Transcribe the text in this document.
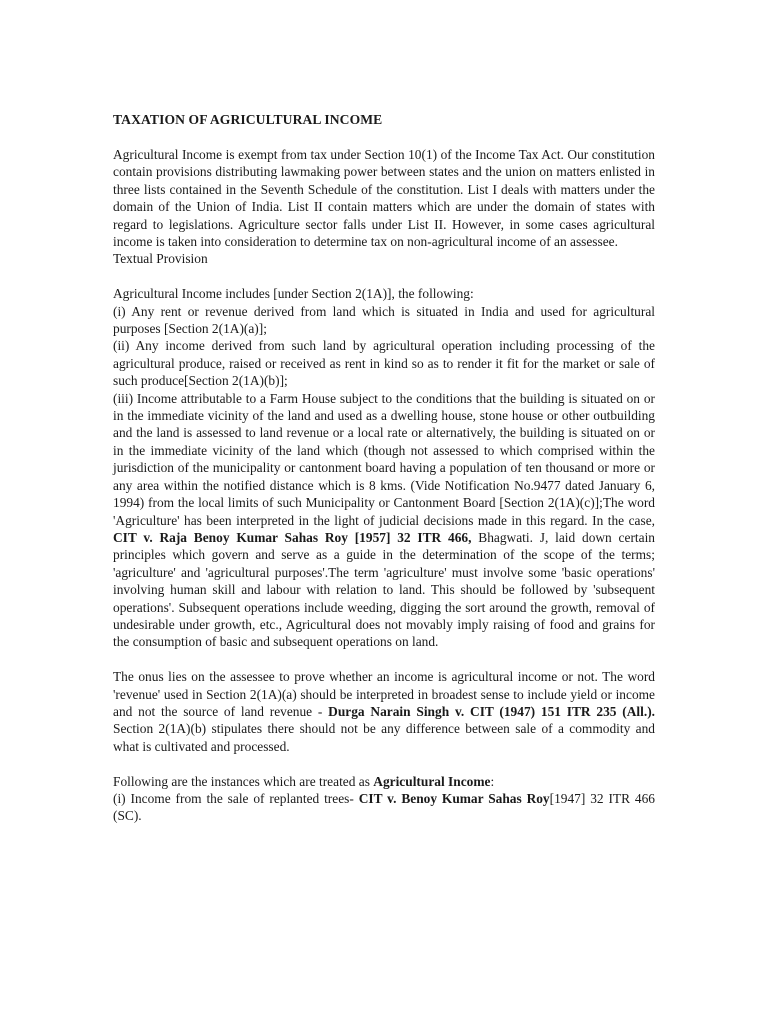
TAXATION OF AGRICULTURAL INCOME

Agricultural Income is exempt from tax under Section 10(1) of the Income Tax Act. Our constitution contain provisions distributing lawmaking power between states and the union on matters enlisted in three lists contained in the Seventh Schedule of the constitution. List I deals with matters under the domain of the Union of India. List II contain matters which are under the domain of states with regard to legislations. Agriculture sector falls under List II. However, in some cases agricultural income is taken into consideration to determine tax on non-agricultural income of an assessee.

Textual Provision

Agricultural Income includes [under Section 2(1A)], the following:

(i) Any rent or revenue derived from land which is situated in India and used for agricultural purposes [Section 2(1A)(a)];

(ii) Any income derived from such land by agricultural operation including processing of the agricultural produce, raised or received as rent in kind so as to render it fit for the market or sale of such produce[Section 2(1A)(b)];

(iii) Income attributable to a Farm House subject to the conditions that the building is situated on or in the immediate vicinity of the land and used as a dwelling house, stone house or other outbuilding and the land is assessed to land revenue or a local rate or alternatively, the building is situated on or in the immediate vicinity of the land which (though not assessed to which comprised within the jurisdiction of the municipality or cantonment board having a population of ten thousand or more or any area within the notified distance which is 8 kms. (Vide Notification No.9477 dated January 6, 1994) from the local limits of such Municipality or Cantonment Board [Section 2(1A)(c)];The word 'Agriculture' has been interpreted in the light of judicial decisions made in this regard. In the case, CIT v. Raja Benoy Kumar Sahas Roy [1957] 32 ITR 466, Bhagwati. J, laid down certain principles which govern and serve as a guide in the determination of the scope of the terms; 'agriculture' and 'agricultural purposes'.The term 'agriculture' must involve some 'basic operations' involving human skill and labour with relation to land. This should be followed by 'subsequent operations'. Subsequent operations include weeding, digging the sort around the growth, removal of undesirable under growth, etc., Agricultural does not movably imply raising of food and grains for the consumption of basic and subsequent operations on land.

The onus lies on the assessee to prove whether an income is agricultural income or not. The word 'revenue' used in Section 2(1A)(a) should be interpreted in broadest sense to include yield or income and not the source of land revenue - Durga Narain Singh v. CIT (1947) 151 ITR 235 (All.). Section 2(1A)(b) stipulates there should not be any difference between sale of a commodity and what is cultivated and processed.

Following are the instances which are treated as Agricultural Income:

(i) Income from the sale of replanted trees- CIT v. Benoy Kumar Sahas Roy[1947] 32 ITR 466 (SC).
